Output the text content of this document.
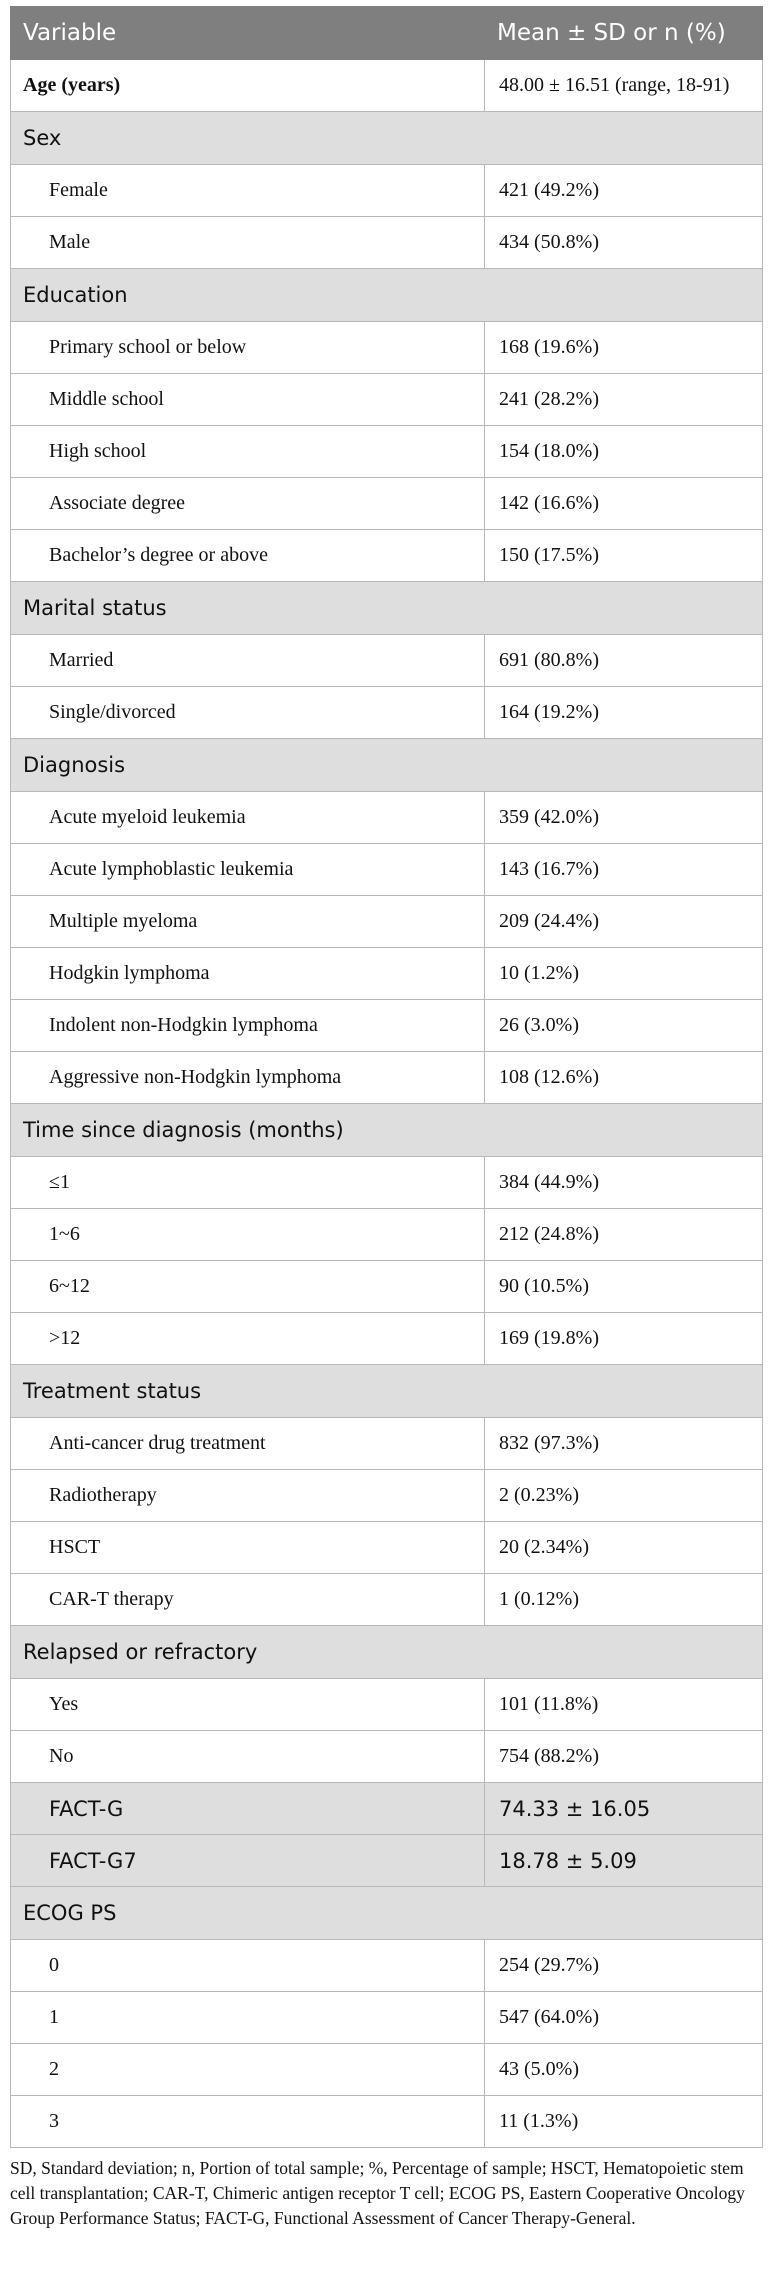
Variable	Mean ± SD or n (%)
Age (years)	48.00 ± 16.51 (range, 18-91)
Sex	
Female	421 (49.2%)
Male	434 (50.8%)
Education	
Primary school or below	168 (19.6%)
Middle school	241 (28.2%)
High school	154 (18.0%)
Associate degree	142 (16.6%)
Bachelor’s degree or above	150 (17.5%)
Marital status	
Married	691 (80.8%)
Single/divorced	164 (19.2%)
Diagnosis	
Acute myeloid leukemia	359 (42.0%)
Acute lymphoblastic leukemia	143 (16.7%)
Multiple myeloma	209 (24.4%)
Hodgkin lymphoma	10 (1.2%)
Indolent non-Hodgkin lymphoma	26 (3.0%)
Aggressive non-Hodgkin lymphoma	108 (12.6%)
Time since diagnosis (months)	
≤1	384 (44.9%)
1~6	212 (24.8%)
6~12	90 (10.5%)
>12	169 (19.8%)
Treatment status	
Anti-cancer drug treatment	832 (97.3%)
Radiotherapy	2 (0.23%)
HSCT	20 (2.34%)
CAR-T therapy	1 (0.12%)
Relapsed or refractory	
Yes	101 (11.8%)
No	754 (88.2%)
FACT-G	74.33 ± 16.05
FACT-G7	18.78 ± 5.09
ECOG PS	
0	254 (29.7%)
1	547 (64.0%)
2	43 (5.0%)
3	11 (1.3%)
SD, Standard deviation; n, Portion of total sample; %, Percentage of sample; HSCT, Hematopoietic stem cell transplantation; CAR-T, Chimeric antigen receptor T cell; ECOG PS, Eastern Cooperative Oncology Group Performance Status; FACT-G, Functional Assessment of Cancer Therapy-General.
